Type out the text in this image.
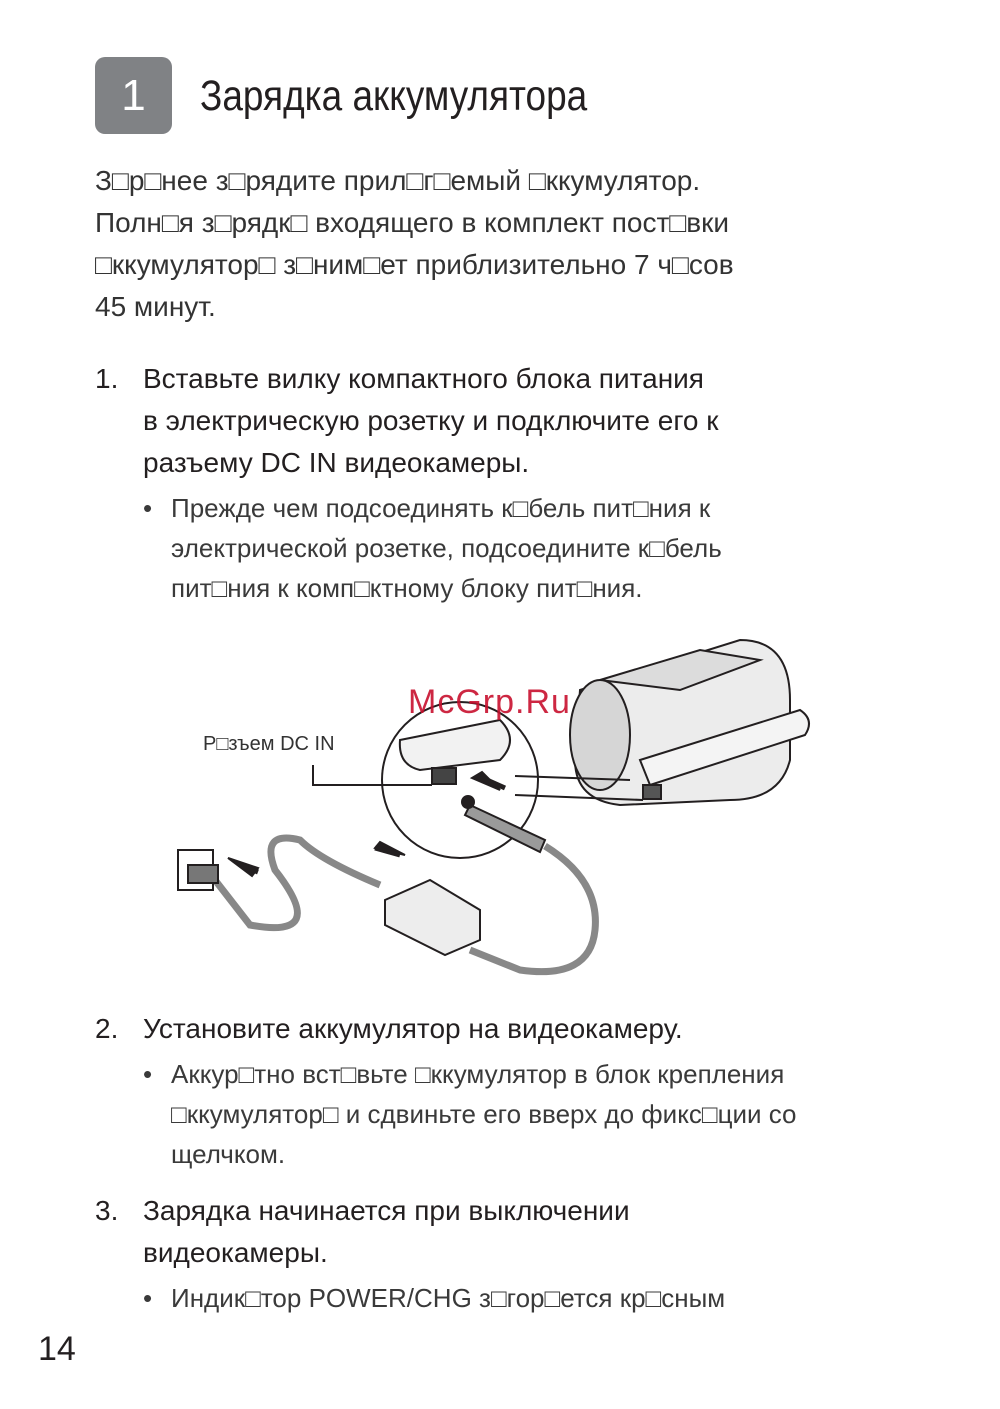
1	Зарядка аккумулятора

З□р□нее з□рядите прил□г□емый □ккумулятор.

Полн□я з□рядк□ входящего в комплект пост□вки

□ккумулятор□ з□ним□ет приблизительно 7 ч□сов

45 минут.

1. Вставьте вилку компактного блока питания
в электрическую розетку и подключите его к
разъему DC IN видеокамеры.
• Прежде чем подсоединять к□бель пит□ния к
электрической розетке, подсоедините к□бель
пит□ния к комп□ктному блоку пит□ния.
Р□зъем DC IN
McGrp.Ru
2. Установите аккумулятор на видеокамеру.
• Аккур□тно вст□вьте □ккумулятор в блок крепления
□ккумулятор□ и сдвиньте его вверх до фикс□ции со
щелчком.
3. Зарядка начинается при выключении
видеокамеры.
• Индик□тор POWER/CHG з□гор□ется кр□сным
14
